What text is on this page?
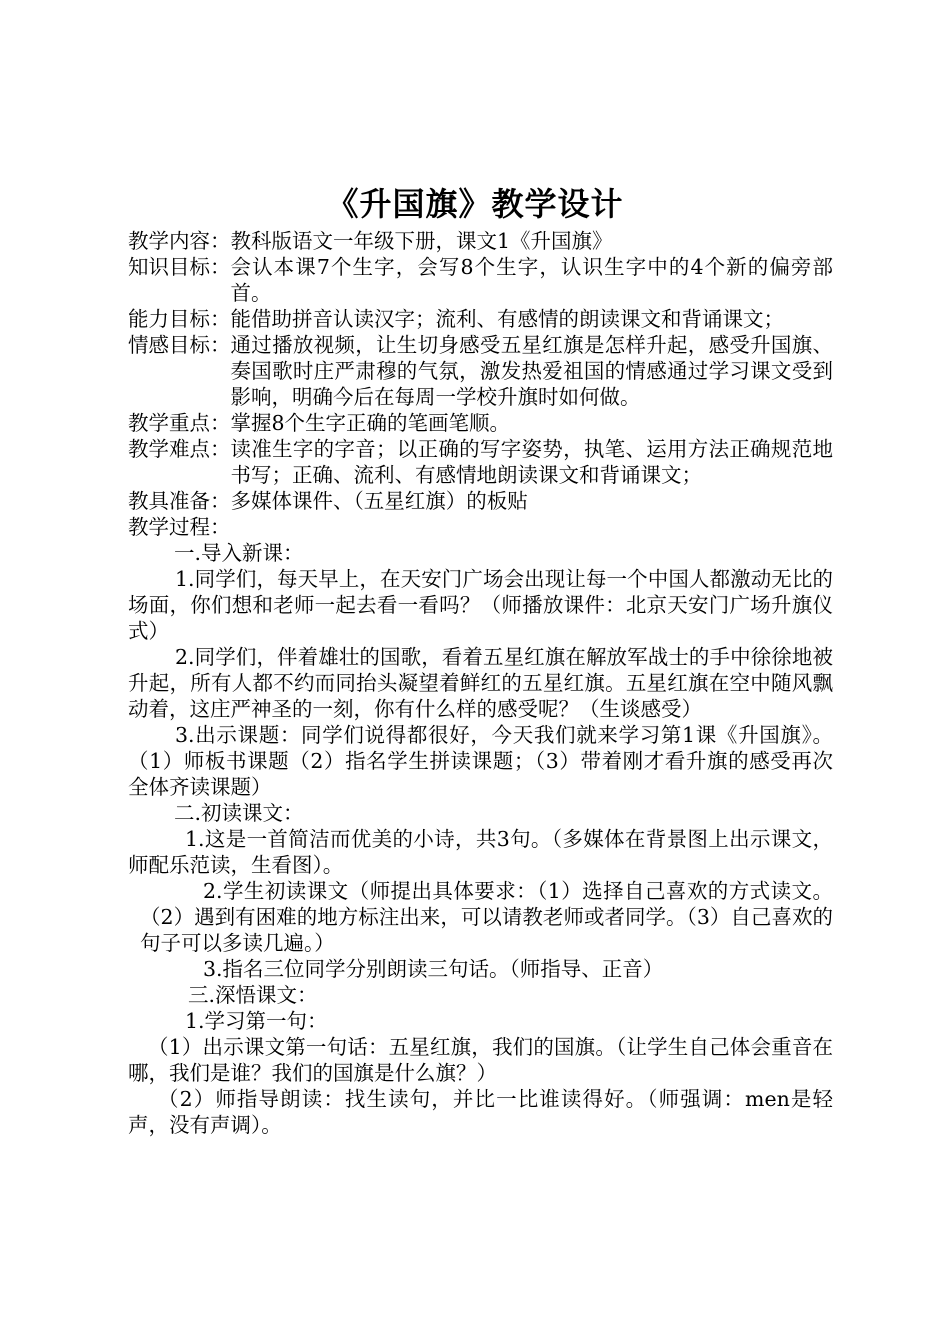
《升国旗》教学设计
教学内容： 教科版语文一年级下册，课文1《升国旗》
知识目标： 会认本课7个生字，会写8个生字，认识生字中的4个新的偏旁部首。
能力目标： 能借助拼音认读汉字；流利、有感情的朗读课文和背诵课文；
情感目标： 通过播放视频，让生切身感受五星红旗是怎样升起，感受升国旗、奏国歌时庄严肃穆的气氛，激发热爱祖国的情感通过学习课文受到影响，明确今后在每周一学校升旗时如何做。
教学重点： 掌握8个生字正确的笔画笔顺。
教学难点： 读准生字的字音；以正确的写字姿势，执笔、运用方法正确规范地书写；正确、流利、有感情地朗读课文和背诵课文；
教具准备： 多媒体课件、（五星红旗）的板贴

教学过程：

一.导入新课：

1.同学们，每天早上，在天安门广场会出现让每一个中国人都激动无比的场面，你们想和老师一起去看一看吗？（师播放课件：北京天安门广场升旗仪式）

2.同学们，伴着雄壮的国歌，看着五星红旗在解放军战士的手中徐徐地被升起，所有人都不约而同抬头凝望着鲜红的五星红旗。五星红旗在空中随风飘动着，这庄严神圣的一刻，你有什么样的感受呢？（生谈感受）

3.出示课题：同学们说得都很好，今天我们就来学习第1课《升国旗》。（1）师板书课题（2）指名学生拼读课题；（3）带着刚才看升旗的感受再次全体齐读课题）

二.初读课文：

1.这是一首简洁而优美的小诗，共3句。（多媒体在背景图上出示课文，师配乐范读，生看图）。

2.学生初读课文（师提出具体要求：（1）选择自己喜欢的方式读文。（2）遇到有困难的地方标注出来，可以请教老师或者同学。（3）自己喜欢的句子可以多读几遍。）

3.指名三位同学分别朗读三句话。（师指导、正音）

三.深悟课文：

1.学习第一句：

（1）出示课文第一句话：五星红旗，我们的国旗。（让学生自己体会重音在哪，我们是谁？我们的国旗是什么旗？）

（2）师指导朗读：找生读句，并比一比谁读得好。（师强调：men是轻声，没有声调）。
